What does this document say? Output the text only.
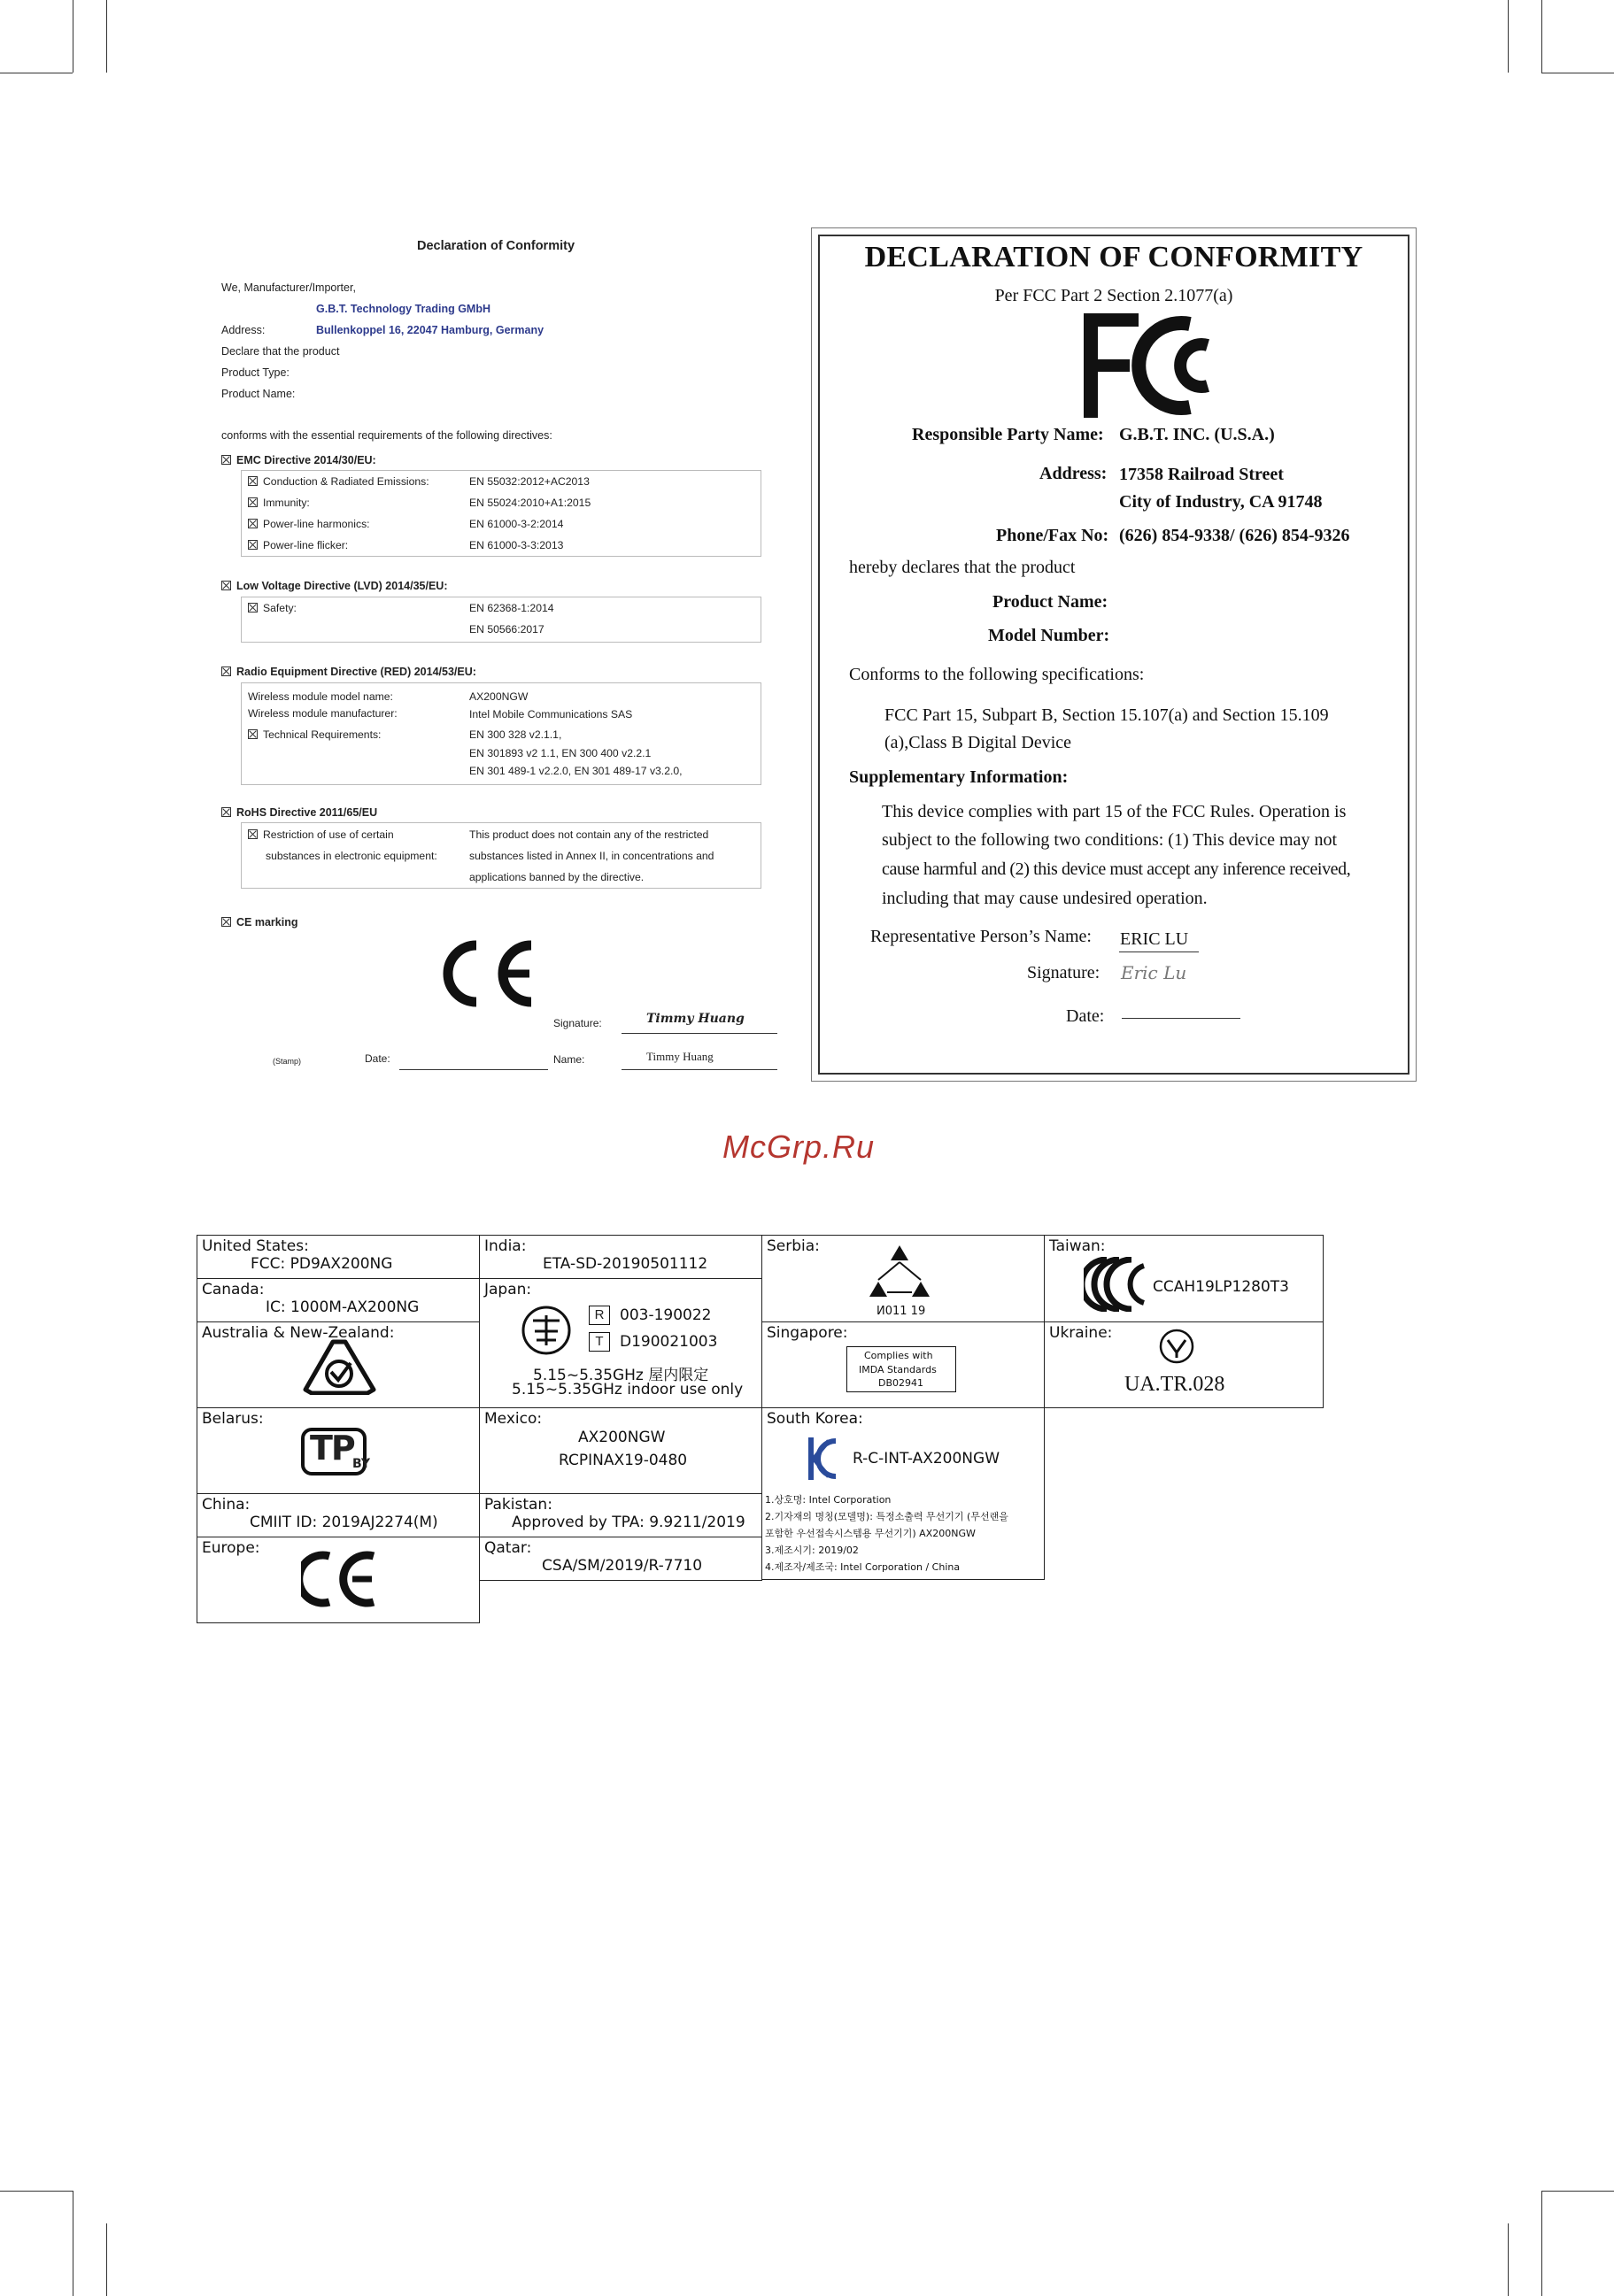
Declaration of Conformity
We, Manufacturer/Importer,
G.B.T. Technology Trading GMbH
Address:	Bullenkoppel 16, 22047 Hamburg, Germany
Declare that the product
Product Type:
Product Name:
conforms with the essential requirements of the following directives:
EMC Directive 2014/30/EU:
Conduction & Radiated Emissions:	EN 55032:2012+AC2013
Immunity:	EN 55024:2010+A1:2015
Power-line harmonics:	EN 61000-3-2:2014
Power-line flicker:	EN 61000-3-3:2013
Low Voltage Directive (LVD) 2014/35/EU:
Safety:	EN 62368-1:2014
EN 50566:2017
Radio Equipment Directive (RED) 2014/53/EU:
Wireless module model name:	AX200NGW
Wireless module manufacturer:	Intel Mobile Communications SAS
Technical Requirements:	EN 300 328 v2.1.1,
EN 301893 v2 1.1, EN 300 400 v2.2.1
EN 301 489-1 v2.2.0, EN 301 489-17 v3.2.0,
RoHS Directive 2011/65/EU
Restriction of use of certain
substances in electronic equipment:
This product does not contain any of the restricted
substances listed in Annex II, in concentrations and
applications banned by the directive.
CE marking
Signature:	Timmy Huang
(Stamp)	Date:	Name:	Timmy Huang
DECLARATION OF CONFORMITY
Per FCC Part 2 Section 2.1077(a)
Responsible Party Name: G.B.T. INC. (U.S.A.)
Address: 17358 Railroad Street
City of Industry, CA 91748
Phone/Fax No: (626) 854-9338/ (626) 854-9326
hereby declares that the product
Product Name:
Model Number:
Conforms to the following specifications:
FCC Part 15, Subpart B, Section 15.107(a) and Section 15.109
(a),Class B Digital Device
Supplementary Information:
This device complies with part 15 of the FCC Rules. Operation is
subject to the following two conditions: (1) This device may not
cause harmful and (2) this device must accept any inference received,
including that may cause undesired operation.
Representative Person’s Name: ERIC LU
Signature: Eric Lu
Date:
McGrp.Ru
United States:
FCC: PD9AX200NG
Canada:
IC: 1000M-AX200NG
Australia & New-Zealand:
Belarus:
TP
BY
China:
CMIIT ID: 2019AJ2274(M)
Europe:
India:
ETA-SD-20190501112
Japan:
R	003-190022
T	D190021003
5.15~5.35GHz 屋内限定
5.15~5.35GHz indoor use only
Mexico:
AX200NGW
RCPINAX19-0480
Pakistan:
Approved by TPA: 9.9211/2019
Qatar:
CSA/SM/2019/R-7710
Serbia:
И011 19
Singapore:
Complies with
IMDA Standards
DB02941
South Korea:
R-C-INT-AX200NGW
1.상호명: Intel Corporation
2.기자재의 명칭(모델명): 특정소출력 무선기기 (무선랜을
포함한 우선접속시스템용 무선기기) AX200NGW
3.제조시기: 2019/02
4.제조자/제조국: Intel Corporation / China
Taiwan:
CCAH19LP1280T3
Ukraine:
UA.TR.028
